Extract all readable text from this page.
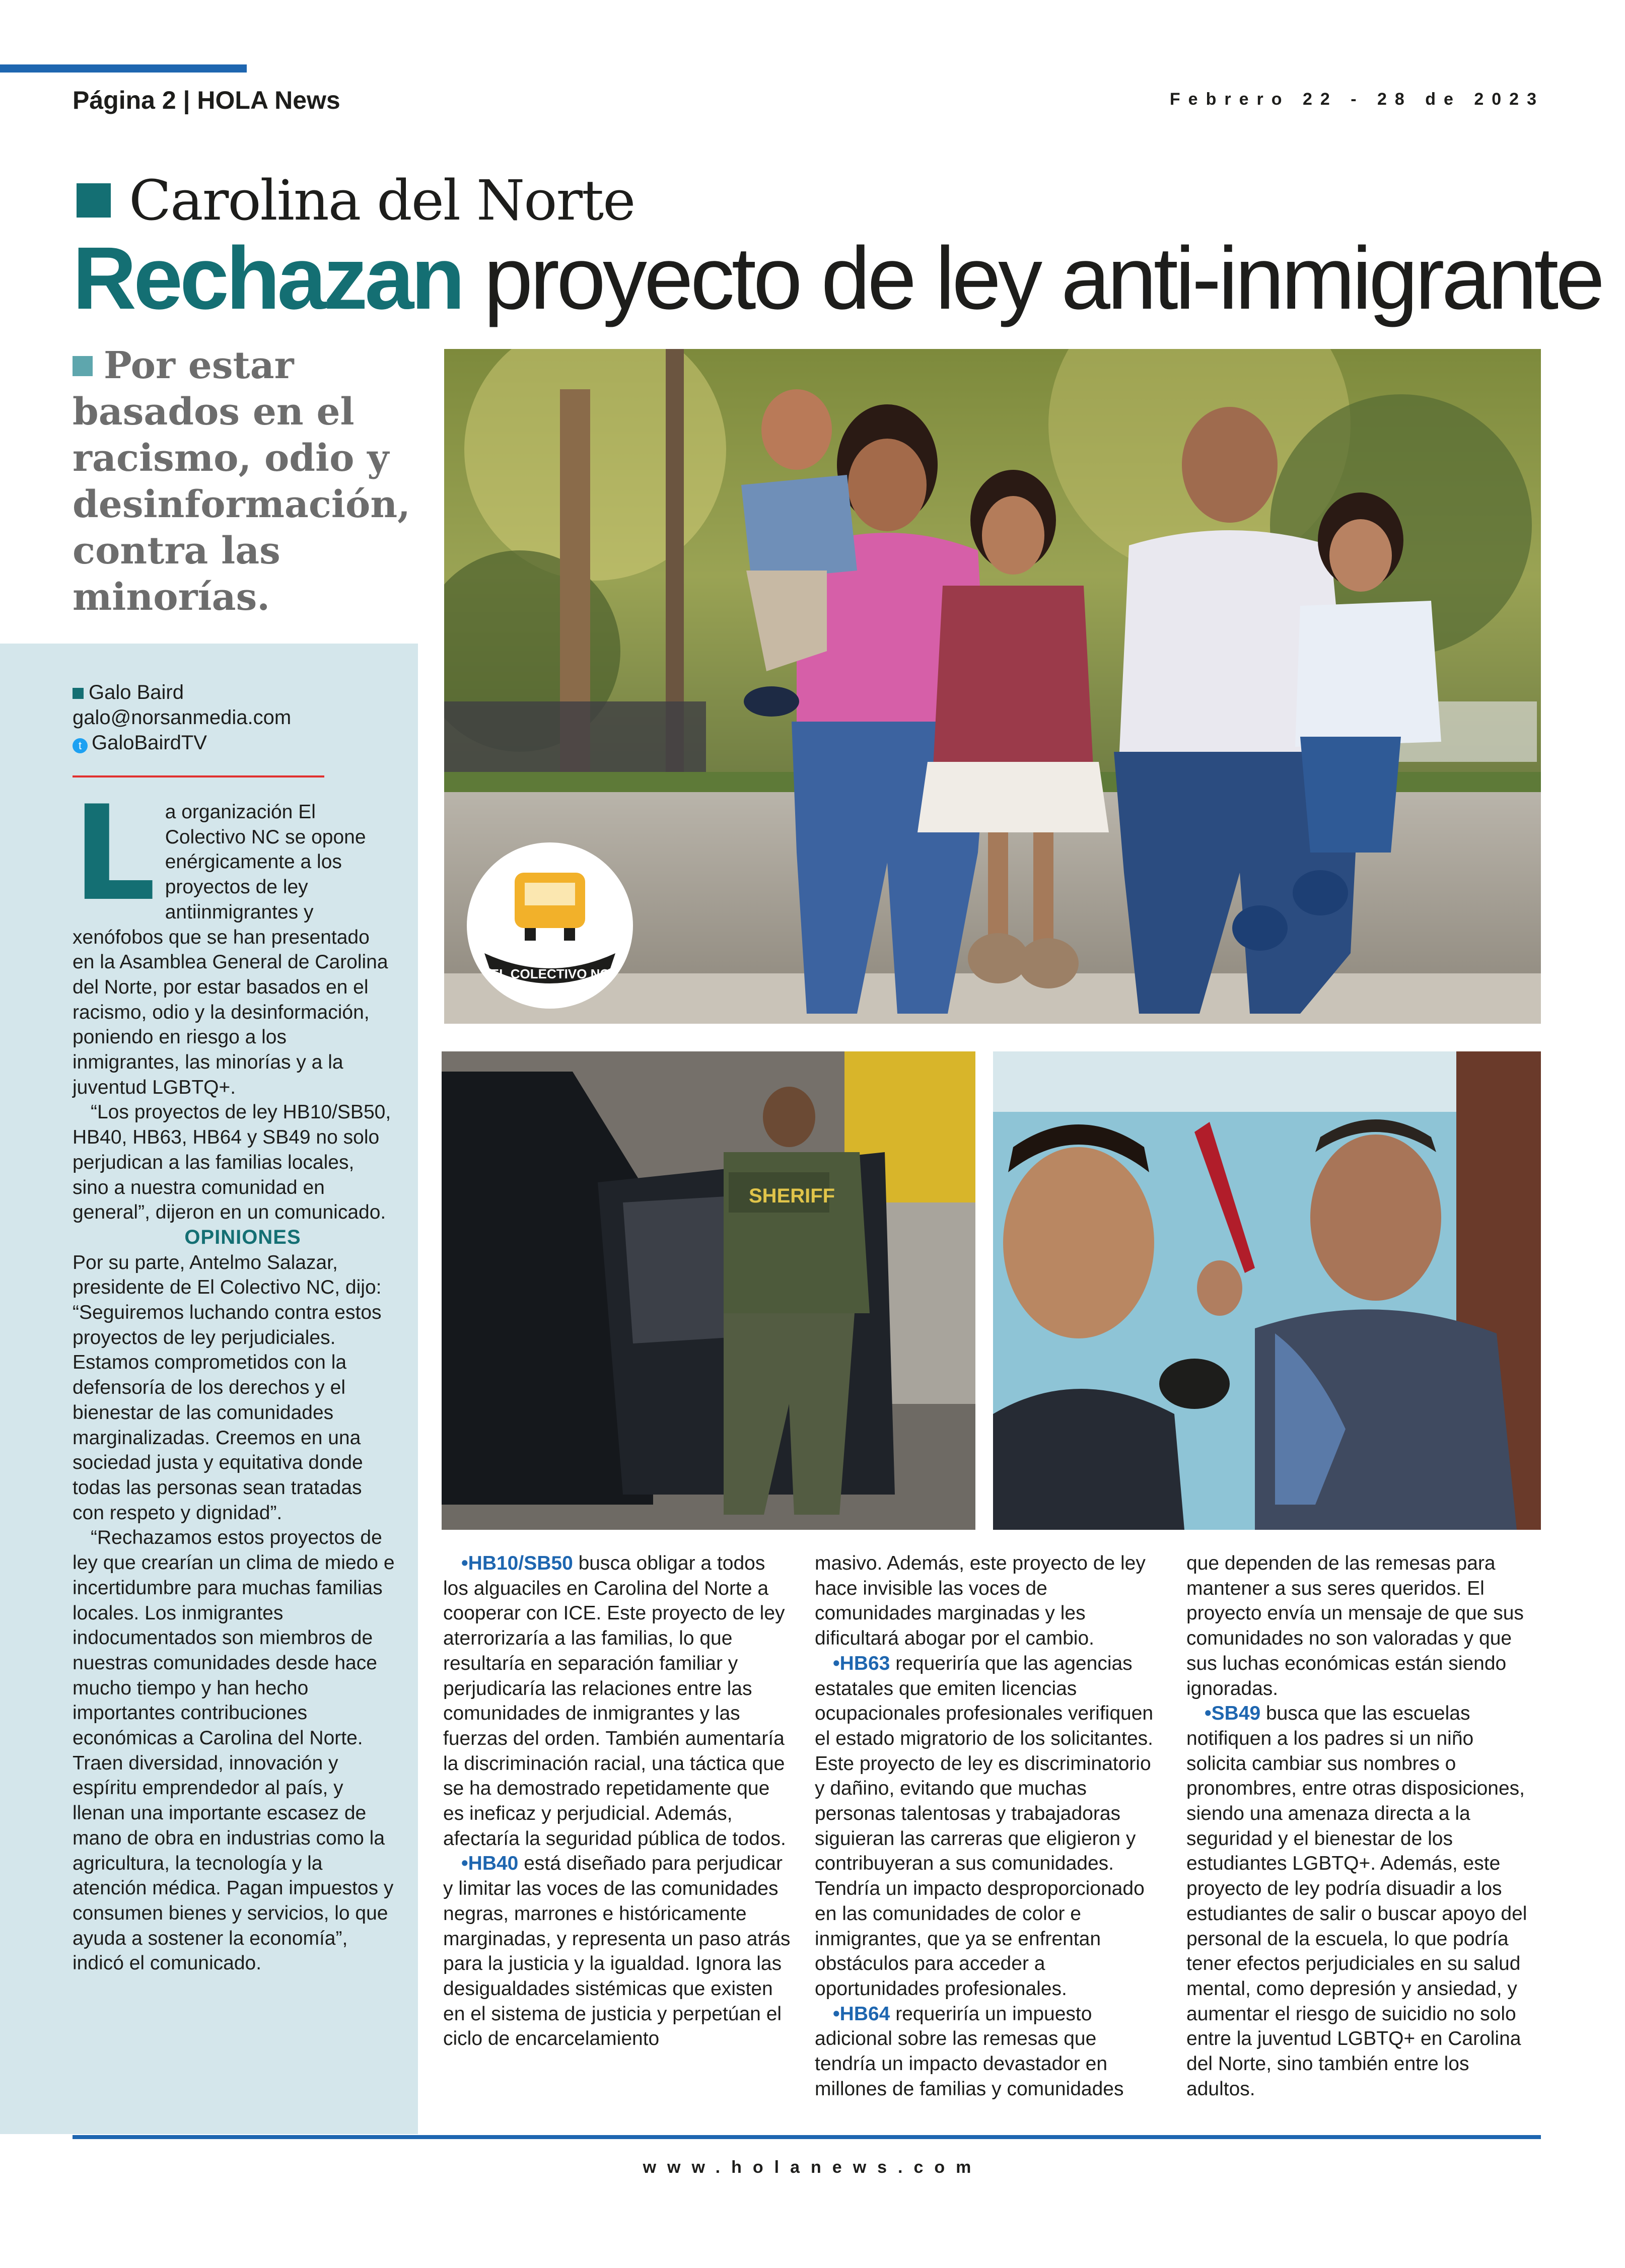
Página 2 | HOLA News	Febrero 22 - 28 de 2023
Carolina del Norte
Rechazan proyecto de ley anti-inmigrante
Por estar basados en el racismo, odio y desinformación, contra las minorías.
Galo Baird
galo@norsanmedia.com
t GaloBairdTV

La organización El Colectivo NC se opone enérgicamente a los proyectos de ley antiinmigrantes y xenófobos que se han presentado en la Asamblea General de Carolina del Norte, por estar basados en el racismo, odio y la desinformación, poniendo en riesgo a los inmigrantes, las minorías y a la juventud LGBTQ+.

“Los proyectos de ley HB10/SB50, HB40, HB63, HB64 y SB49 no solo perjudican a las familias locales, sino a nuestra comunidad en general”, dijeron en un comunicado.

OPINIONES

Por su parte, Antelmo Salazar, presidente de El Colectivo NC, dijo: “Seguiremos luchando contra estos proyectos de ley perjudiciales. Estamos comprometidos con la defensoría de los derechos y el bienestar de las comunidades marginalizadas. Creemos en una sociedad justa y equitativa donde todas las personas sean tratadas con respeto y dignidad”.

“Rechazamos estos proyectos de ley que crearían un clima de miedo e incertidumbre para muchas familias locales. Los inmigrantes indocumentados son miembros de nuestras comunidades desde hace mucho tiempo y han hecho importantes contribuciones económicas a Carolina del Norte. Traen diversidad, innovación y espíritu emprendedor al país, y llenan una importante escasez de mano de obra en industrias como la agricultura, la tecnología y la atención médica. Pagan impuestos y consumen bienes y servicios, lo que ayuda a sostener la economía”, indicó el comunicado.

•HB10/SB50 busca obligar a todos los alguaciles en Carolina del Norte a cooperar con ICE. Este proyecto de ley aterrorizaría a las familias, lo que resultaría en separación familiar y perjudicaría las relaciones entre las comunidades de inmigrantes y las fuerzas del orden. También aumentaría la discriminación racial, una táctica que se ha demostrado repetidamente que es ineficaz y perjudicial. Además, afectaría la seguridad pública de todos.

•HB40 está diseñado para perjudicar y limitar las voces de las comunidades negras, marrones e históricamente marginadas, y representa un paso atrás para la justicia y la igualdad. Ignora las desigualdades sistémicas que existen en el sistema de justicia y perpetúan el ciclo de encarcelamiento

masivo. Además, este proyecto de ley hace invisible las voces de comunidades marginadas y les dificultará abogar por el cambio.

•HB63 requeriría que las agencias estatales que emiten licencias ocupacionales profesionales verifiquen el estado migratorio de los solicitantes. Este proyecto de ley es discriminatorio y dañino, evitando que muchas personas talentosas y trabajadoras siguieran las carreras que eligieron y contribuyeran a sus comunidades. Tendría un impacto desproporcionado en las comunidades de color e inmigrantes, que ya se enfrentan obstáculos para acceder a oportunidades profesionales.

•HB64 requeriría un impuesto adicional sobre las remesas que tendría un impacto devastador en millones de familias y comunidades

que dependen de las remesas para mantener a sus seres queridos. El proyecto envía un mensaje de que sus comunidades no son valoradas y que sus luchas económicas están siendo ignoradas.

•SB49 busca que las escuelas notifiquen a los padres si un niño solicita cambiar sus nombres o pronombres, entre otras disposiciones, siendo una amenaza directa a la seguridad y el bienestar de los estudiantes LGBTQ+. Además, este proyecto de ley podría disuadir a los estudiantes de salir o buscar apoyo del personal de la escuela, lo que podría tener efectos perjudiciales en su salud mental, como depresión y ansiedad, y aumentar el riesgo de suicidio no solo entre la juventud LGBTQ+ en Carolina del Norte, sino también entre los adultos.

EL COLECTIVO NC
SHERIFF
www.holanews.com
